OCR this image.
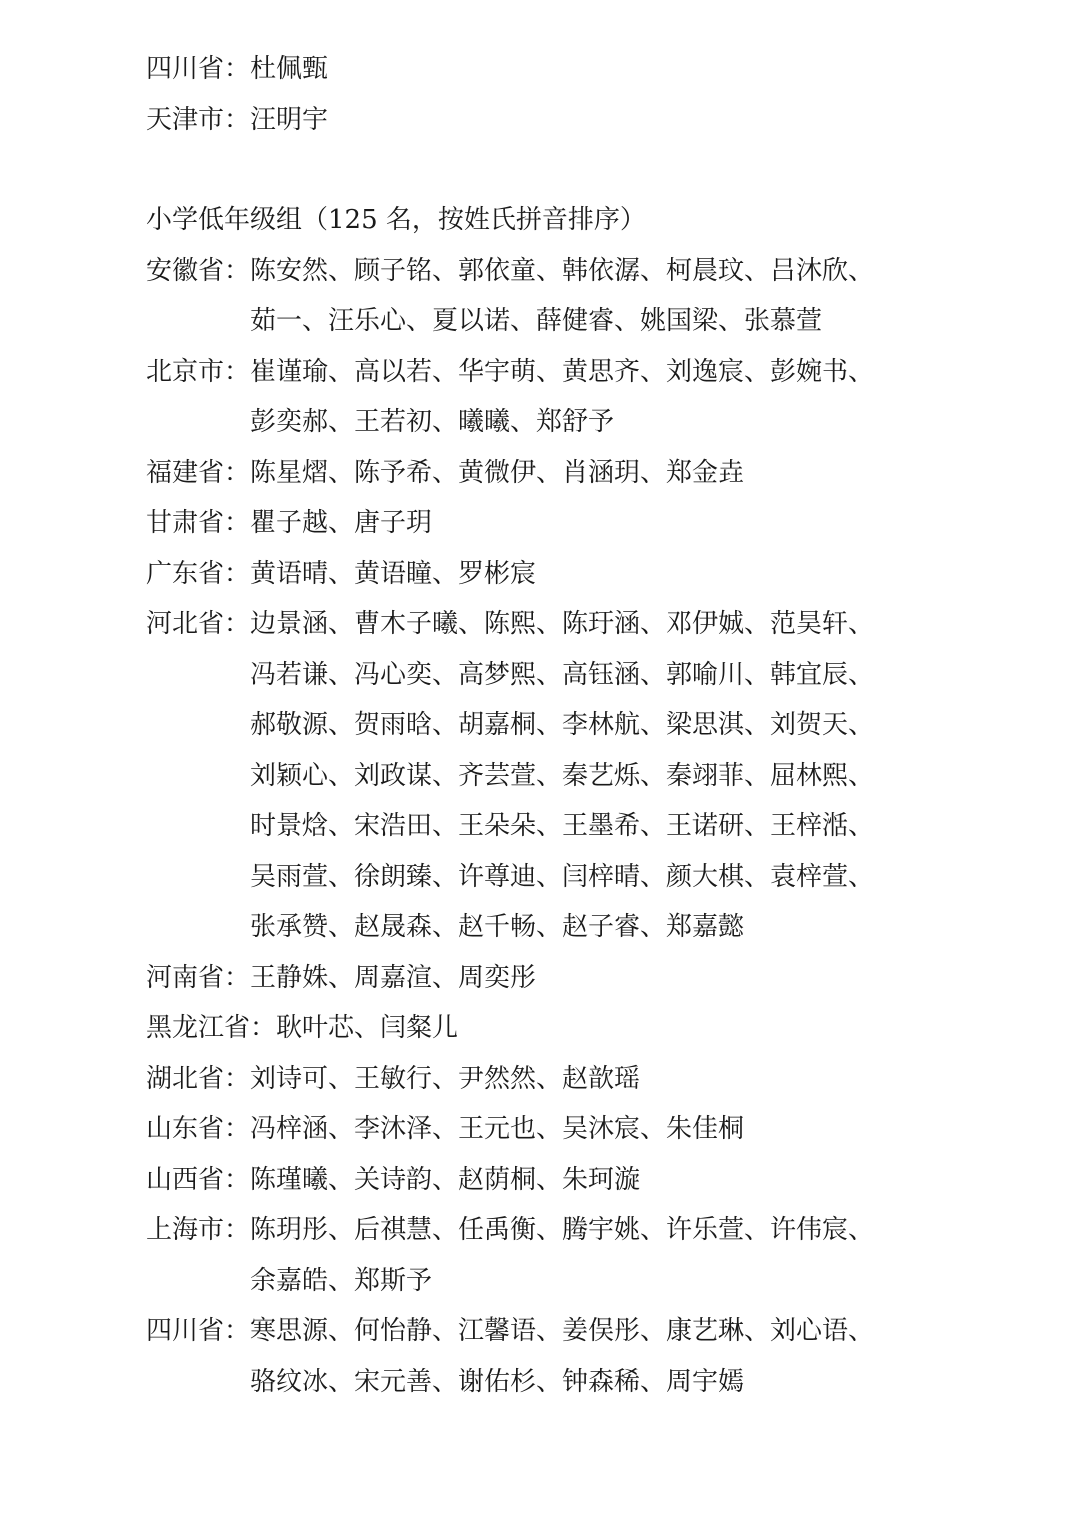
四川省： 杜佩甄
天津市： 汪明宇
小学低年级组（125 名，按姓氏拼音排序）
安徽省： 陈安然、顾子铭、郭依童、韩依潺、柯晨玟、吕沐欣、
茹一、汪乐心、夏以诺、薛健睿、姚国梁、张慕萱
北京市： 崔谨瑜、高以若、华宇萌、黄思齐、刘逸宸、彭婉书、
彭奕郝、王若初、曦曦、郑舒予
福建省： 陈星熠、陈予希、黄微伊、肖涵玥、郑金垚
甘肃省： 瞿子越、唐子玥
广东省： 黄语晴、黄语瞳、罗彬宸
河北省： 边景涵、曹木子曦、陈熙、陈玗涵、邓伊娍、范昊轩、
冯若谦、冯心奕、高梦熙、高钰涵、郭喻川、韩宜辰、
郝敬源、贺雨晗、胡嘉桐、李林航、梁思淇、刘贺天、
刘颖心、刘政谋、齐芸萱、秦艺烁、秦翊菲、屈林熙、
时景焓、宋浩田、王朵朵、王墨希、王诺研、王梓湉、
吴雨萱、徐朗臻、许尊迪、闫梓晴、颜大棋、袁梓萱、
张承赞、赵晟森、赵千畅、赵子睿、郑嘉懿
河南省： 王静姝、周嘉渲、周奕彤
黑龙江省： 耿叶芯、闫粲儿
湖北省： 刘诗可、王敏行、尹然然、赵歆瑶
山东省： 冯梓涵、李沐泽、王元也、吴沐宸、朱佳桐
山西省： 陈瑾曦、关诗韵、赵荫桐、朱珂漩
上海市： 陈玥彤、后祺慧、任禹衡、腾宇姚、许乐萱、许伟宸、
余嘉皓、郑斯予
四川省： 寒思源、何怡静、江馨语、姜俣彤、康艺琳、刘心语、
骆纹冰、宋元善、谢佑杉、钟森稀、周宇嫣
